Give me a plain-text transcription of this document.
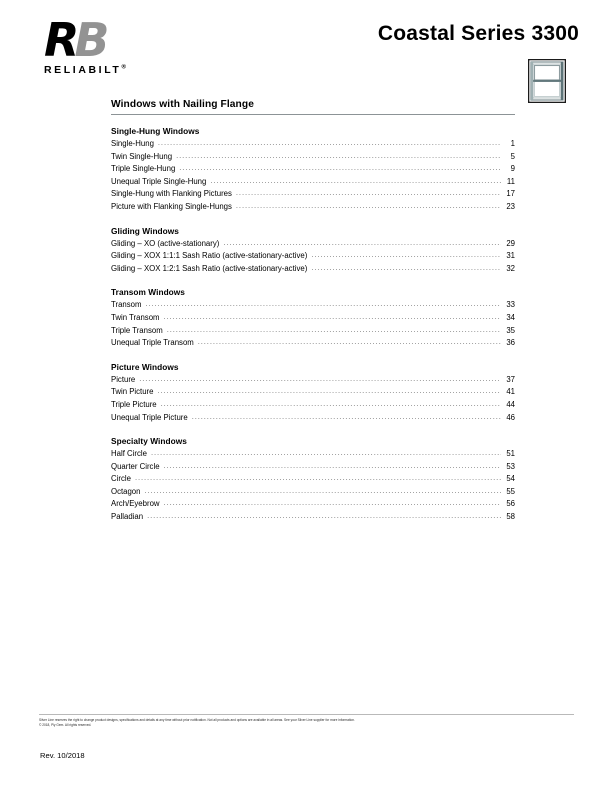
RB
RELIABILT®
Coastal Series 3300
Windows with Nailing Flange
Single-Hung Windows
Single-Hung .....	1
Twin Single-Hung .....	5
Triple Single-Hung .....	9
Unequal Triple Single-Hung .....	11
Single-Hung with Flanking Pictures .....	17
Picture with Flanking Single-Hungs .....	23
Gliding Windows
Gliding – XO (active-stationary) .....	29
Gliding – XOX 1:1:1 Sash Ratio (active-stationary-active) .....	31
Gliding – XOX 1:2:1 Sash Ratio (active-stationary-active) .....	32
Transom Windows
Transom .....	33
Twin Transom .....	34
Triple Transom .....	35
Unequal Triple Transom .....	36
Picture Windows
Picture .....	37
Twin Picture .....	41
Triple Picture .....	44
Unequal Triple Picture .....	46
Specialty Windows
Half Circle .....	51
Quarter Circle .....	53
Circle .....	54
Octagon .....	55
Arch/Eyebrow .....	56
Palladian .....	58
Silver Line reserves the right to change product designs, specifications and details at any time without prior notification. Not all products and options are available in all areas. See your Silver Line supplier for more information.
© 2018, Ply Gem. All rights reserved.
Rev. 10/2018
